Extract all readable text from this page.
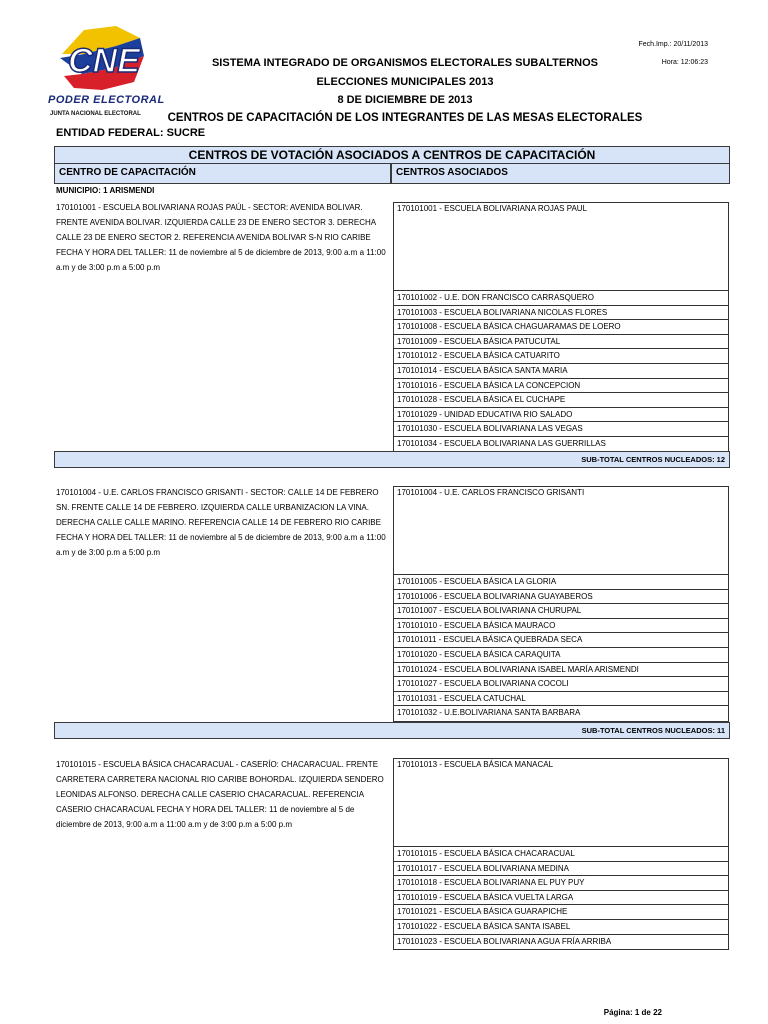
CNE
PODER ELECTORAL
JUNTA NACIONAL ELECTORAL
SISTEMA INTEGRADO DE ORGANISMOS ELECTORALES SUBALTERNOS
ELECCIONES MUNICIPALES 2013
8 DE DICIEMBRE DE 2013
CENTROS DE CAPACITACIÓN DE LOS INTEGRANTES DE LAS MESAS ELECTORALES
Fech.Imp.: 20/11/2013
Hora: 12:06:23
ENTIDAD FEDERAL: SUCRE
CENTROS DE VOTACIÓN ASOCIADOS A CENTROS DE CAPACITACIÓN
CENTRO DE CAPACITACIÓN	CENTROS ASOCIADOS
MUNICIPIO: 1 ARISMENDI
170101001 - ESCUELA BOLIVARIANA ROJAS PAÚL - SECTOR: AVENIDA BOLIVAR. FRENTE AVENIDA BOLIVAR. IZQUIERDA CALLE 23 DE ENERO SECTOR 3. DERECHA CALLE 23 DE ENERO SECTOR 2. REFERENCIA AVENIDA BOLIVAR S-N RIO CARIBE FECHA Y HORA DEL TALLER: 11 de noviembre al 5 de diciembre de 2013, 9:00 a.m a 11:00 a.m y de 3:00 p.m a 5:00 p.m
170101001 - ESCUELA BOLIVARIANA ROJAS PAUL
170101002 - U.E. DON FRANCISCO CARRASQUERO
170101003 - ESCUELA BOLIVARIANA NICOLAS FLORES
170101008 - ESCUELA BÁSICA CHAGUARAMAS DE LOERO
170101009 - ESCUELA BÁSICA PATUCUTAL
170101012 - ESCUELA BÁSICA CATUARITO
170101014 - ESCUELA BÁSICA SANTA MARIA
170101016 - ESCUELA BÁSICA LA CONCEPCION
170101028 - ESCUELA BÁSICA EL CUCHAPE
170101029 - UNIDAD EDUCATIVA RIO SALADO
170101030 - ESCUELA BOLIVARIANA LAS VEGAS
170101034 - ESCUELA BOLIVARIANA LAS GUERRILLAS
SUB-TOTAL CENTROS NUCLEADOS: 12
170101004 - U.E. CARLOS FRANCISCO GRISANTI - SECTOR: CALLE 14 DE FEBRERO SN. FRENTE CALLE 14 DE FEBRERO. IZQUIERDA CALLE URBANIZACION LA VINA. DERECHA CALLE CALLE MARINO. REFERENCIA CALLE 14 DE FEBRERO RIO CARIBE FECHA Y HORA DEL TALLER: 11 de noviembre al 5 de diciembre de 2013, 9:00 a.m a 11:00 a.m y de 3:00 p.m a 5:00 p.m
170101004 - U.E. CARLOS FRANCISCO GRISANTI
170101005 - ESCUELA BÁSICA LA GLORIA
170101006 - ESCUELA BOLIVARIANA GUAYABEROS
170101007 - ESCUELA BOLIVARIANA CHURUPAL
170101010 - ESCUELA BÁSICA MAURACO
170101011 - ESCUELA BÁSICA QUEBRADA SECA
170101020 - ESCUELA BÁSICA CARAQUITA
170101024 - ESCUELA BOLIVARIANA ISABEL MARÍA ARISMENDI
170101027 - ESCUELA BOLIVARIANA COCOLI
170101031 - ESCUELA CATUCHAL
170101032 - U.E.BOLIVARIANA SANTA BARBARA
SUB-TOTAL CENTROS NUCLEADOS: 11
170101015 - ESCUELA BÁSICA CHACARACUAL - CASERÍO: CHACARACUAL. FRENTE CARRETERA CARRETERA NACIONAL RIO CARIBE BOHORDAL. IZQUIERDA SENDERO LEONIDAS ALFONSO. DERECHA CALLE CASERIO CHACARACUAL. REFERENCIA CASERIO CHACARACUAL FECHA Y HORA DEL TALLER: 11 de noviembre al 5 de diciembre de 2013, 9:00 a.m a 11:00 a.m y de 3:00 p.m a 5:00 p.m
170101013 - ESCUELA BÁSICA MANACAL
170101015 - ESCUELA BÁSICA CHACARACUAL
170101017 - ESCUELA BOLIVARIANA MEDINA
170101018 - ESCUELA BOLIVARIANA EL PUY PUY
170101019 - ESCUELA BÁSICA VUELTA LARGA
170101021 - ESCUELA BÁSICA GUARAPICHE
170101022 - ESCUELA BÁSICA SANTA ISABEL
170101023 - ESCUELA BOLIVARIANA AGUA FRÍA ARRIBA
Página: 1 de 22
